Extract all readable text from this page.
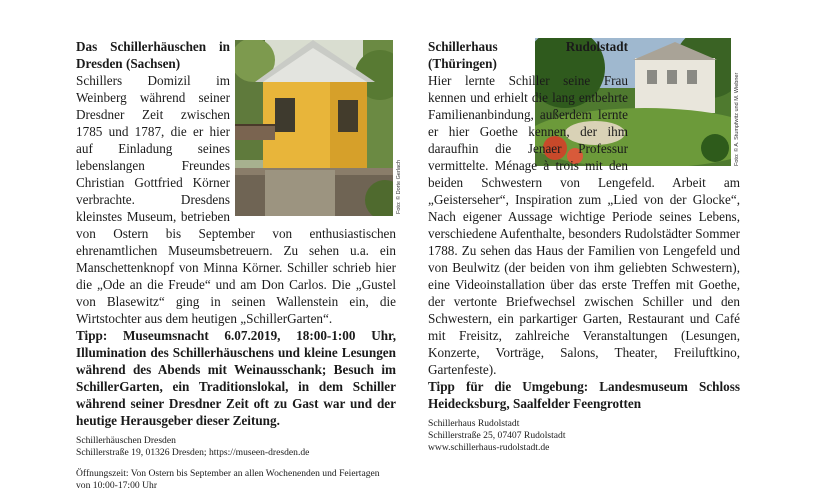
Foto: © Dorte Gerlach
Foto: © A. Stumpfwitz und M. Wiebner

Das Schillerhäuschen in Dresden (Sachsen)
Schillers Domizil im Weinberg während seiner Dresdner Zeit zwischen 1785 und 1787, die er hier auf Einladung seines lebenslangen Freundes Christian Gottfried Körner verbrachte. Dresdens kleinstes Museum, betrieben von Ostern bis September von enthusiastischen ehrenamtlichen Museumsbetreuern. Zu sehen u.a. ein Manschettenknopf von Minna Körner. Schiller schrieb hier die „Ode an die Freude“ und am Don Carlos. Die „Gustel von Blasewitz“ ging in seinen Wallenstein ein, die Wirtstochter aus dem heutigen „SchillerGarten“.

Tipp: Museumsnacht 6.07.2019, 18:00-1:00 Uhr, Illumination des Schillerhäuschens und kleine Lesungen während des Abends mit Weinausschank; Besuch im SchillerGarten, ein Traditionslokal, in dem Schiller während seiner Dresdner Zeit oft zu Gast war und der heutige Herausgeber dieser Zeitung.

Schillerhäuschen Dresden

Schillerstraße 19, 01326 Dresden; https://museen-dresden.de

Öffnungszeit: Von Ostern bis September an allen Wochenenden und Feiertagen von 10:00-17:00 Uhr

Schillerhaus Rudolstadt (Thüringen)
Hier lernte Schiller seine Frau kennen und erhielt die lang entbehrte Familienanbindung, außerdem lernte er hier Goethe kennen, der ihm daraufhin die Jenaer Professur vermittelte. Ménage à trois mit den beiden Schwestern von Lengefeld. Arbeit am „Geisterseher“, Inspiration zum „Lied von der Glocke“, Nach eigener Aussage wichtige Periode seines Lebens, verschiedene Aufenthalte, besonders Rudolstädter Sommer 1788. Zu sehen das Haus der Familien von Lengefeld und von Beulwitz (der beiden von ihm geliebten Schwestern), eine Videoinstallation über das erste Treffen mit Goethe, der vertonte Briefwechsel zwischen Schiller und den Schwestern, ein parkartiger Garten, Restaurant und Café mit Freisitz, zahlreiche Veranstaltungen (Lesungen, Konzerte, Vorträge, Salons, Theater, Freiluftkino, Gartenfeste).

Tipp für die Umgebung: Landesmuseum Schloss Heidecksburg, Saalfelder Feengrotten

Schillerhaus Rudolstadt

Schillerstraße 25, 07407 Rudolstadt

www.schillerhaus-rudolstadt.de
